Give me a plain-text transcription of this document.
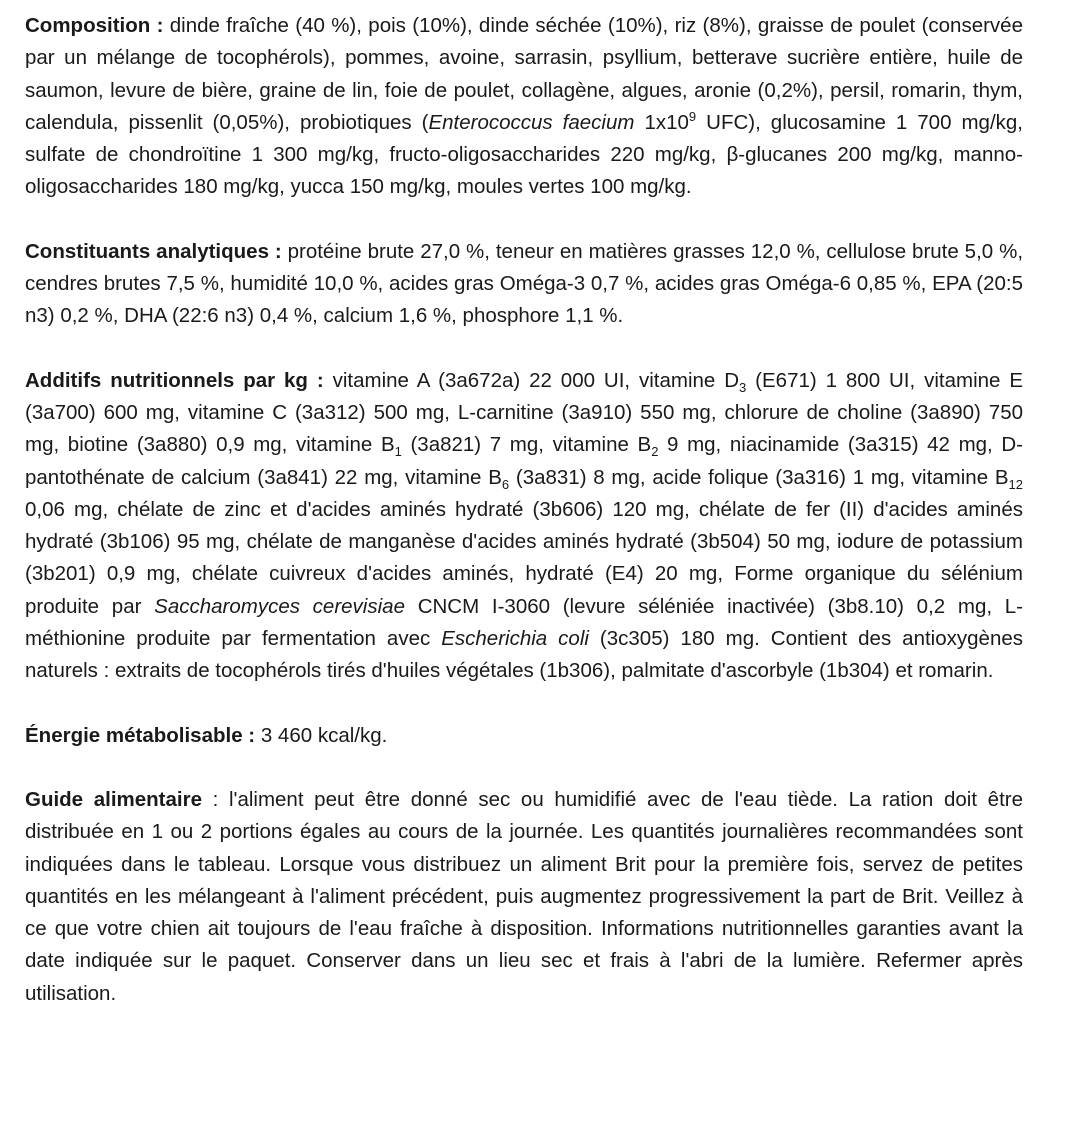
Composition : dinde fraîche (40 %), pois (10%), dinde séchée (10%), riz (8%), graisse de poulet (conservée par un mélange de tocophérols), pommes, avoine, sarrasin, psyllium, betterave sucrière entière, huile de saumon, levure de bière, graine de lin, foie de poulet, collagène, algues, aronie (0,2%), persil, romarin, thym, calendula, pissenlit (0,05%), probiotiques (Enterococcus faecium $1x10^9$ UFC), glucosamine 1 700 mg/kg, sulfate de chondroïtine 1 300 mg/kg, fructo-oligosaccharides 220 mg/kg, β-glucanes 200 mg/kg, manno-oligosaccharides 180 mg/kg, yucca 150 mg/kg, moules vertes 100 mg/kg.

Constituants analytiques : protéine brute 27,0 %, teneur en matières grasses 12,0 %, cellulose brute 5,0 %, cendres brutes 7,5 %, humidité 10,0 %, acides gras Oméga-3 0,7 %, acides gras Oméga-6 0,85 %, EPA (20:5 n3) 0,2 %, DHA (22:6 n3) 0,4 %, calcium 1,6 %, phosphore 1,1 %.

Additifs nutritionnels par kg : vitamine A (3a672a) 22 000 UI, vitamine $D_3$ (E671) 1 800 UI, vitamine E (3a700) 600 mg, vitamine C (3a312) 500 mg, L-carnitine (3a910) 550 mg, chlorure de choline (3a890) 750 mg, biotine (3a880) 0,9 mg, vitamine $B_1$ (3a821) 7 mg, vitamine $B_2$ 9 mg, niacinamide (3a315) 42 mg, D-pantothénate de calcium (3a841) 22 mg, vitamine $B_6$ (3a831) 8 mg, acide folique (3a316) 1 mg, vitamine $B_{12}$ 0,06 mg, chélate de zinc et d'acides aminés hydraté (3b606) 120 mg, chélate de fer (II) d'acides aminés hydraté (3b106) 95 mg, chélate de manganèse d'acides aminés hydraté (3b504) 50 mg, iodure de potassium (3b201) 0,9 mg, chélate cuivreux d'acides aminés, hydraté (E4) 20 mg, Forme organique du sélénium produite par Saccharomyces cerevisiae CNCM I-3060 (levure séléniée inactivée) (3b8.10) 0,2 mg, L-méthionine produite par fermentation avec Escherichia coli (3c305) 180 mg. Contient des antioxygènes naturels : extraits de tocophérols tirés d'huiles végétales (1b306), palmitate d'ascorbyle (1b304) et romarin.

Énergie métabolisable : 3 460 kcal/kg.

Guide alimentaire : l'aliment peut être donné sec ou humidifié avec de l'eau tiède. La ration doit être distribuée en 1 ou 2 portions égales au cours de la journée. Les quantités journalières recommandées sont indiquées dans le tableau. Lorsque vous distribuez un aliment Brit pour la première fois, servez de petites quantités en les mélangeant à l'aliment précédent, puis augmentez progressivement la part de Brit. Veillez à ce que votre chien ait toujours de l'eau fraîche à disposition. Informations nutritionnelles garanties avant la date indiquée sur le paquet. Conserver dans un lieu sec et frais à l'abri de la lumière. Refermer après utilisation.
